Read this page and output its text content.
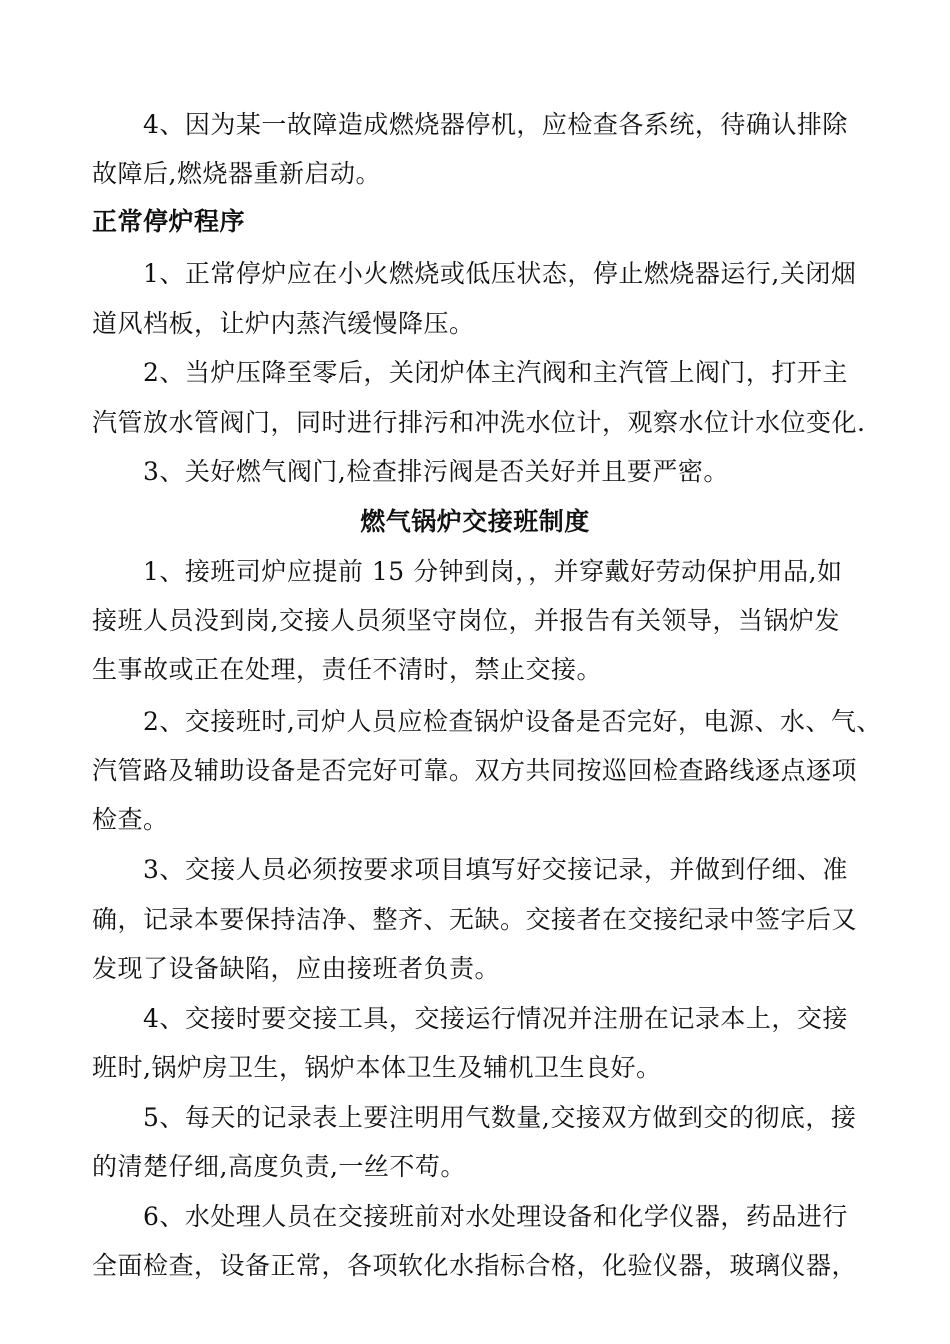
4、因为某一故障造成燃烧器停机，应检查各系统，待确认排除
故障后,燃烧器重新启动。
正常停炉程序
1、正常停炉应在小火燃烧或低压状态，停止燃烧器运行,关闭烟
道风档板，让炉内蒸汽缓慢降压。
2、当炉压降至零后，关闭炉体主汽阀和主汽管上阀门，打开主
汽管放水管阀门，同时进行排污和冲洗水位计，观察水位计水位变化.
3、关好燃气阀门,检查排污阀是否关好并且要严密。
燃气锅炉交接班制度
1、接班司炉应提前 15 分钟到岗，，并穿戴好劳动保护用品,如
接班人员没到岗,交接人员须坚守岗位，并报告有关领导，当锅炉发
生事故或正在处理，责任不清时，禁止交接。
2、交接班时,司炉人员应检查锅炉设备是否完好，电源、水、气、
汽管路及辅助设备是否完好可靠。双方共同按巡回检查路线逐点逐项
检查。
3、交接人员必须按要求项目填写好交接记录，并做到仔细、准
确，记录本要保持洁净、整齐、无缺。交接者在交接纪录中签字后又
发现了设备缺陷，应由接班者负责。
4、交接时要交接工具，交接运行情况并注册在记录本上，交接
班时,锅炉房卫生，锅炉本体卫生及辅机卫生良好。
5、每天的记录表上要注明用气数量,交接双方做到交的彻底，接
的清楚仔细,高度负责,一丝不苟。
6、水处理人员在交接班前对水处理设备和化学仪器，药品进行
全面检查，设备正常，各项软化水指标合格，化验仪器，玻璃仪器，
